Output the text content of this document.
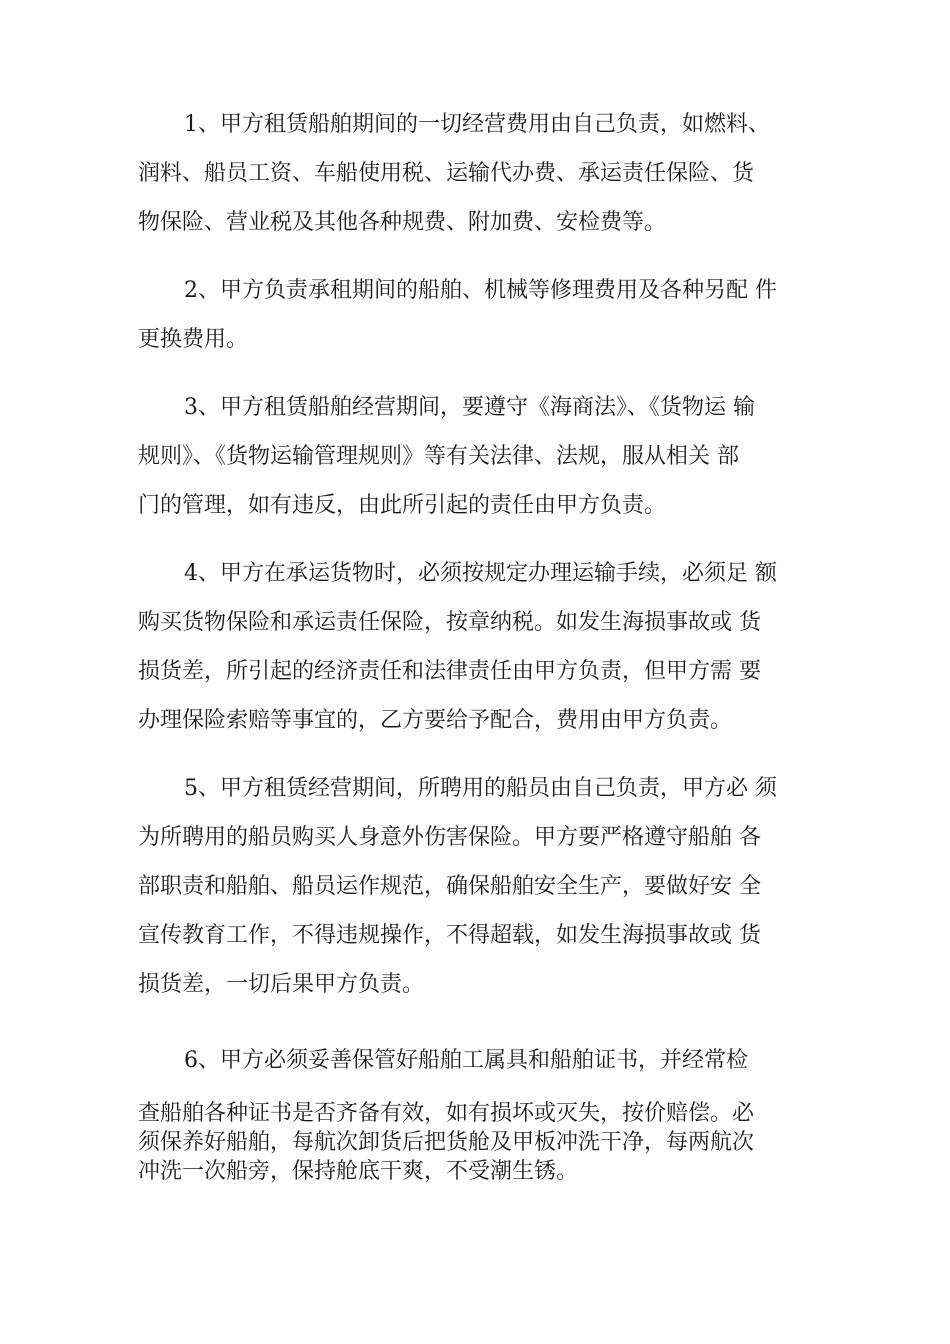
1、甲方租赁船舶期间的一切经营费用由自己负责，如燃料、
润料、船员工资、车船使用税、运输代办费、承运责任保险、货
物保险、营业税及其他各种规费、附加费、安检费等。
2、甲方负责承租期间的船舶、机械等修理费用及各种另配 件
更换费用。
3、甲方租赁船舶经营期间，要遵守《海商法》、《货物运 输
规则》、《货物运输管理规则》等有关法律、法规，服从相关 部
门的管理，如有违反，由此所引起的责任由甲方负责。
4、甲方在承运货物时，必须按规定办理运输手续，必须足 额
购买货物保险和承运责任保险，按章纳税。如发生海损事故或 货
损货差，所引起的经济责任和法律责任由甲方负责，但甲方需 要
办理保险索赔等事宜的，乙方要给予配合，费用由甲方负责。
5、甲方租赁经营期间，所聘用的船员由自己负责，甲方必 须
为所聘用的船员购买人身意外伤害保险。甲方要严格遵守船舶 各
部职责和船舶、船员运作规范，确保船舶安全生产，要做好安 全
宣传教育工作，不得违规操作，不得超载，如发生海损事故或 货
损货差，一切后果甲方负责。
6、甲方必须妥善保管好船舶工属具和船舶证书，并经常检
查船舶各种证书是否齐备有效，如有损坏或灭失，按价赔偿。必
须保养好船舶，每航次卸货后把货舱及甲板冲洗干净，每两航次
冲洗一次船旁，保持舱底干爽，不受潮生锈。
